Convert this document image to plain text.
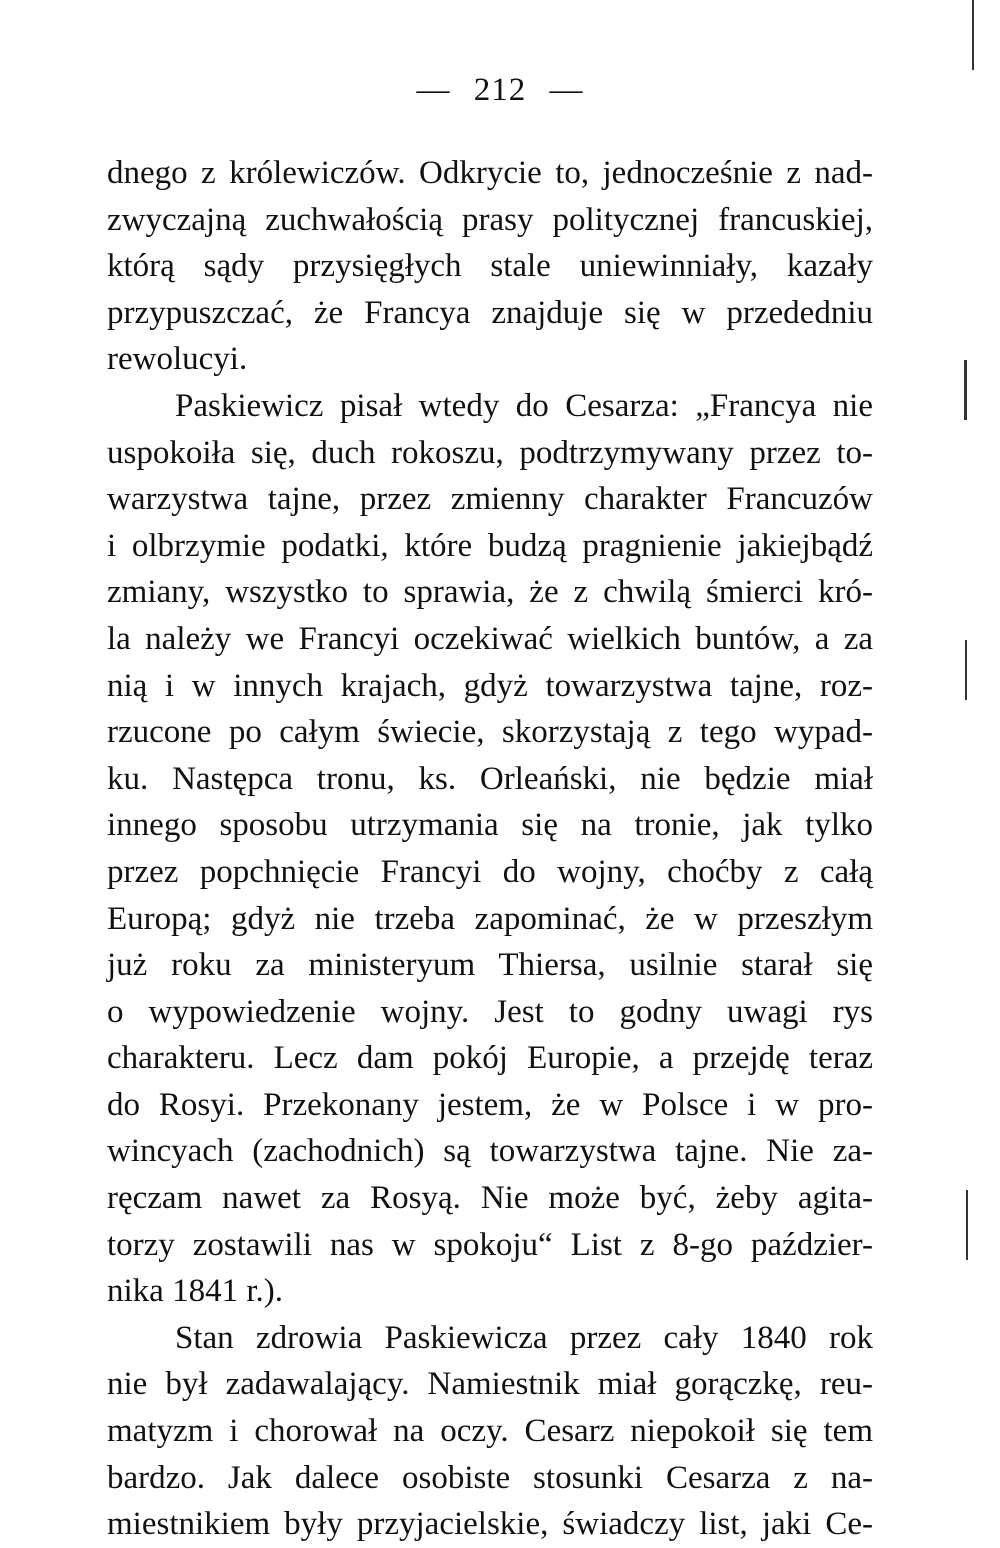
— 212 —
dnego z królewiczów. Odkrycie to, jednocześnie z nad-
zwyczajną zuchwałością prasy politycznej francuskiej,
którą sądy przysięgłych stale uniewinniały, kazały
przypuszczać, że Francya znajduje się w przededniu
rewolucyi.
Paskiewicz pisał wtedy do Cesarza: „Francya nie
uspokoiła się, duch rokoszu, podtrzymywany przez to-
warzystwa tajne, przez zmienny charakter Francuzów
i olbrzymie podatki, które budzą pragnienie jakiejbądź
zmiany, wszystko to sprawia, że z chwilą śmierci kró-
la należy we Francyi oczekiwać wielkich buntów, a za
nią i w innych krajach, gdyż towarzystwa tajne, roz-
rzucone po całym świecie, skorzystają z tego wypad-
ku. Następca tronu, ks. Orleański, nie będzie miał
innego sposobu utrzymania się na tronie, jak tylko
przez popchnięcie Francyi do wojny, choćby z całą
Europą; gdyż nie trzeba zapominać, że w przeszłym
już roku za ministeryum Thiersa, usilnie starał się
o wypowiedzenie wojny. Jest to godny uwagi rys
charakteru. Lecz dam pokój Europie, a przejdę teraz
do Rosyi. Przekonany jestem, że w Polsce i w pro-
wincyach (zachodnich) są towarzystwa tajne. Nie za-
ręczam nawet za Rosyą. Nie może być, żeby agita-
torzy zostawili nas w spokoju“ List z 8-go paździer-
nika 1841 r.).
Stan zdrowia Paskiewicza przez cały 1840 rok
nie był zadawalający. Namiestnik miał gorączkę, reu-
matyzm i chorował na oczy. Cesarz niepokoił się tem
bardzo. Jak dalece osobiste stosunki Cesarza z na-
miestnikiem były przyjacielskie, świadczy list, jaki Ce-
